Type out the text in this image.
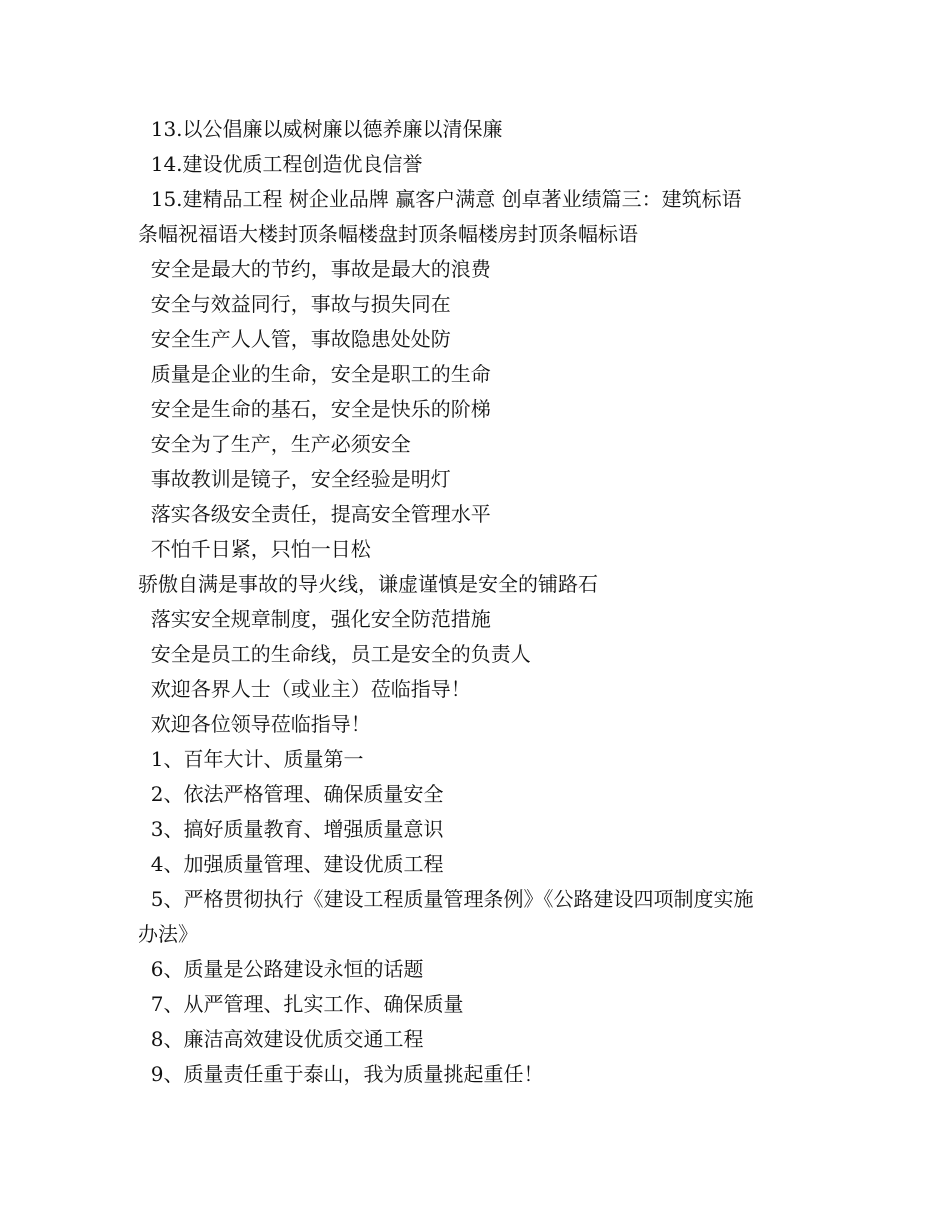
13.以公倡廉以威树廉以德养廉以清保廉

14.建设优质工程创造优良信誉

15.建精品工程 树企业品牌 赢客户满意 创卓著业绩篇三：建筑标语

条幅祝福语大楼封顶条幅楼盘封顶条幅楼房封顶条幅标语

安全是最大的节约，事故是最大的浪费

安全与效益同行，事故与损失同在

安全生产人人管，事故隐患处处防

质量是企业的生命，安全是职工的生命

安全是生命的基石，安全是快乐的阶梯

安全为了生产，生产必须安全

事故教训是镜子，安全经验是明灯

落实各级安全责任，提高安全管理水平

不怕千日紧，只怕一日松

骄傲自满是事故的导火线，谦虚谨慎是安全的铺路石

落实安全规章制度，强化安全防范措施

安全是员工的生命线，员工是安全的负责人

欢迎各界人士（或业主）莅临指导！

欢迎各位领导莅临指导！

1、百年大计、质量第一

2、依法严格管理、确保质量安全

3、搞好质量教育、增强质量意识

4、加强质量管理、建设优质工程

5、严格贯彻执行《建设工程质量管理条例》《公路建设四项制度实施

办法》

6、质量是公路建设永恒的话题

7、从严管理、扎实工作、确保质量

8、廉洁高效建设优质交通工程

9、质量责任重于泰山，我为质量挑起重任！
